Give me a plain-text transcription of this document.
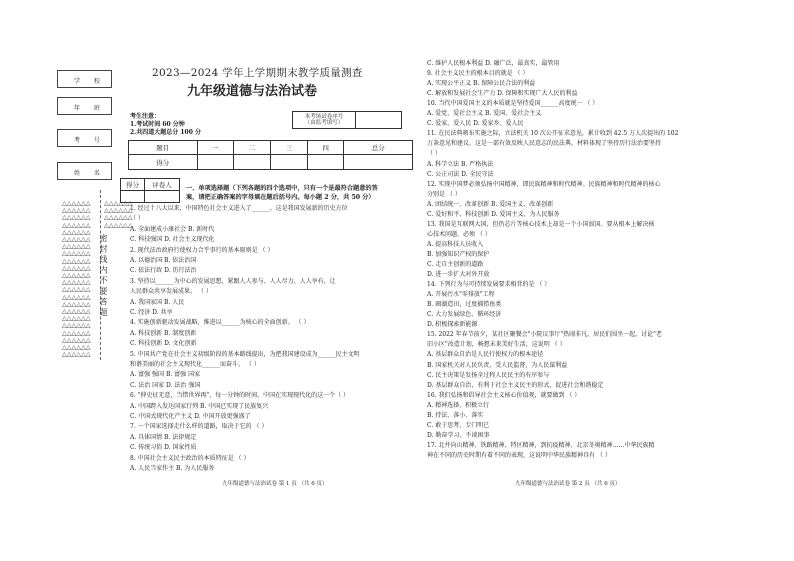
学 校
年 班
考 号
姓 名
△△△△△△
△△△△△△
△△△△△△
△△△△△△
△△△△△△
△△△△△△
△△△△△△
△△△△△△
△△△△△△
△△△△△△
△△△△△△
△△△△△△
△△△△△△
△△△△△△
△△△△△△
△△△△△△
△△△△△△
△△△△△△
△△△△△△
△△△△△△
△△△△△△
△△△△△△
△△△△△△
△△△△△△
△△△△△△
△△△△△△
密 封 线 内 不 要 答 题
2023—2024 学年上学期期末教学质量测查
九年级道德与法治试卷
考生注意：
1.考试时间 60 分钟
2.共四道大题总分 100 分
本考场试卷序号
（由监考填写）	
题目	一	二	三	四	总分
得分					
得分	评卷人
	一、单项选择题（下列各题的四个选项中，只有一个是最符合题意的答
案，请把正确答案的字母填在题后括号内。每小题 2 分，共 50 分）
1. 经过十八大以来，中国特色社会主义进入了______。这是我国发展新的历史方位
（ ）
A. 全面建成小康社会 B. 新时代
C. 科技强国 D. 社会主义现代化
2. 现代法治政府行使权力合乎事行的基本原则是 （ ）
A. 以德治国 B. 依法治国
C. 依法行政 D. 历行法治
3. 坚持以______为中心的发展思想，紧跟人人参与、人人尽力、人人享有，让
人民群众共享发展成果。 （ ）
A. 我国家国 B. 人民
C. 经济 D. 共享
4. 实施创新驱动发展战略，推进以______为核心的全面创新。 （ ）
A. 科技创新 B. 制度创新
C. 科技创新 D. 文化创新
5. 中国共产党在社会主义初级阶段的基本路线提出，为把我国建设成为______民主文明
和谐美丽的社会主义现代化______而奋斗。 （ ）
A. 富强 强国 B. 富强 国家
C. 法治 国家 D. 法治 强国
6. "伸史征无意，当惜世界再"，每一分钟的时间，中国在实现现代化的这一个（ ）
A. 中国跨入发达国家行列 B. 中国已实现了民族复兴
C. 中国式现代化产主义 D. 中国开放更强盛了
7. 一个国家选择走什么样的道路，取决于它的 （ ）
A. 具体国情 B. 法律规定
C. 传统习俗 D. 国家性质
8. 中国社会主义民主政治的本质特征是 （ ）
A. 人民当家作主 B. 为人民服务
九年级道德与法治试卷 第 1 页 （共 6 页）
C. 维护人民根本利益 D. 融广泛，最真实，最管用
9. 社会主义民主的根本目的就是 （ ）
A. 实现公平正义 B. 保障公民合法的利益
C. 解放和发展社会生产力 D. 保障和实现广大人民的利益
10. 当代中国爱国主义的本质就是坚持爱国______高度统一 （ ）
A. 爱党、爱社会主义 B. 爱国、爱社会主义
C. 爱家、爱人民 D. 爱家乡、爱人民
11. 在民法典颁布实施之际，立法机关 10 次公开征求意见，累计收到 42.5 万人次提出的 102
万条意见和建议。这是一部有效反映人民意志的民法典。材料体现了坚持历行法治要坚持
（ ）
A. 科学立法 B. 严格执法
C. 公正司法 D. 全民守法
12. 实现中国梦必须弘扬中国精神，即民族精神和时代精神。民族精神和时代精神的核心
分别是 （ ）
A. 团结统一、改革创新 B. 爱国主义、改革创新
C. 爱好和平、科技创新 D. 爱国主义、为人民服务
13. 我国是互联网大国，但仍芯片等核心技术上却是一个小国弱国。要从根本上解决核
心技术问题，必须 （ ）
A. 提高科技人员收入
B. 加强知识产权的保护
C. 走自主创新的道路
D. 进一步扩大对外开放
14. 下列行为与可持续发展要求相背的是 （ ）
A. 开展污水"零排放"工程
B. 圈湖造田，过度捕捞鱼类
C. 大力发展绿色、循环经济
D. 积极探索新能源
15. 2022 年春节前夕，某社区聚餐会"小院议事厅"热闹非凡，居民们围坐一起，讨论"老
旧小区"改造计划，畅想未来美好生活，这说明 （ ）
A. 基层群众自治是人民行使权力的根本途径
B. 国家机关对人民负责，受人民监督，为人民谋利益
C. 民主决策是发扬全过程人民民主的有序参与
D. 基层群众自治，有利于社会主义民主的形式，促进社会和谐稳定
16. 我们弘扬和倡导社会主义核心价值观，就要做到 （ ）
A. 精神选择，积极立行
B. 持法、落小、落实
C. 敢于思考，专门明已
D. 勤奋学习，不谈困事
17. 北井向山精神、铁路精神、特区精神，到抗疫精神、北京冬奥精神……中华民族精
神在不同的历史时期有着不同的表现，这说明中华民族精神具有 （ ）
九年级道德与法治试卷 第 2 页 （共 6 页）
